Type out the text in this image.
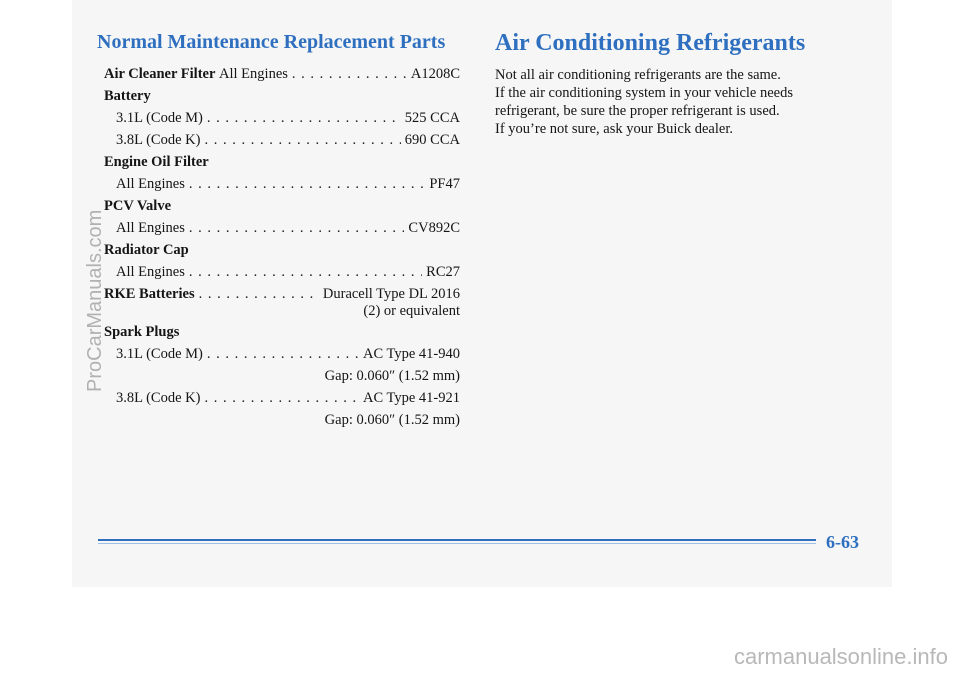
Normal Maintenance Replacement Parts
Air Cleaner Filter
All Engines . . .	A1208C
Battery
3.1L (Code M) . . .	525 CCA
3.8L (Code K) . . .	690 CCA
Engine Oil Filter
All Engines . . .	PF47
PCV Valve
All Engines . . .	CV892C
Radiator Cap
All Engines . . .	RC27
RKE Batteries . . .	Duracell Type DL 2016
(2) or equivalent
Spark Plugs
3.1L (Code M) . . .	AC Type 41-940
Gap: 0.060″ (1.52 mm)
3.8L (Code K) . . .	AC Type 41-921
Gap: 0.060″ (1.52 mm)
Air Conditioning Refrigerants

Not all air conditioning refrigerants are the same.

If the air conditioning system in your vehicle needs

refrigerant, be sure the proper refrigerant is used.

If you’re not sure, ask your Buick dealer.

6-63
ProCarManuals.com
carmanualsonline.info
